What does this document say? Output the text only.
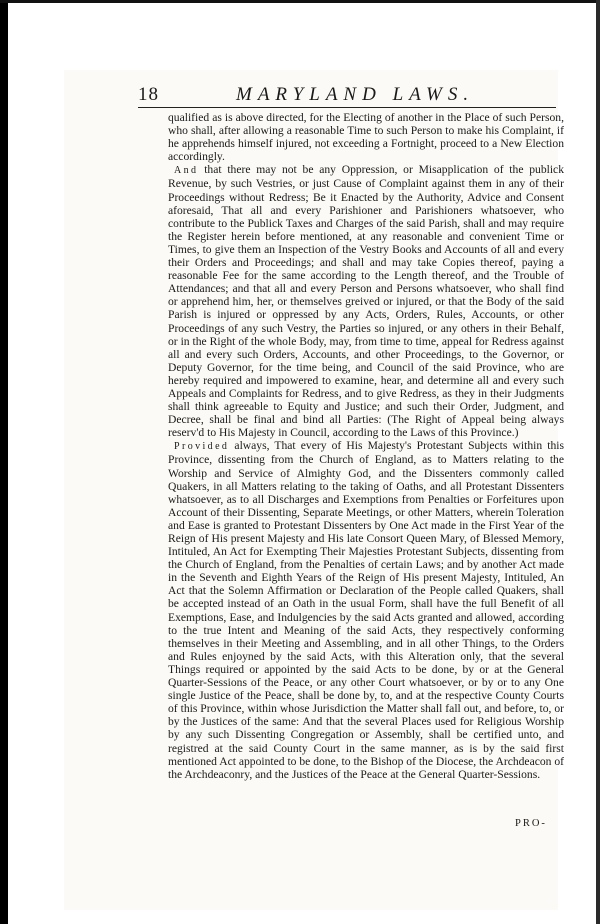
18	MARYLAND LAWS.

qualified as is above directed, for the Electing of another in the Place of such Person, who shall, after allowing a reasonable Time to such Person to make his Complaint, if he apprehends himself injured, not exceeding a Fortnight, proceed to a New Election accordingly.

And that there may not be any Oppression, or Misapplication of the publick Revenue, by such Vestries, or just Cause of Complaint against them in any of their Proceedings without Redress; Be it Enacted by the Authority, Advice and Consent aforesaid, That all and every Parishioner and Parishioners whatsoever, who contribute to the Publick Taxes and Charges of the said Parish, shall and may require the Register herein before mentioned, at any reasonable and convenient Time or Times, to give them an Inspection of the Vestry Books and Accounts of all and every their Orders and Proceedings; and shall and may take Copies thereof, paying a reasonable Fee for the same according to the Length thereof, and the Trouble of Attendances; and that all and every Person and Persons whatsoever, who shall find or apprehend him, her, or themselves greived or injured, or that the Body of the said Parish is injured or oppressed by any Acts, Orders, Rules, Accounts, or other Proceedings of any such Vestry, the Parties so injured, or any others in their Behalf, or in the Right of the whole Body, may, from time to time, appeal for Redress against all and every such Orders, Accounts, and other Proceedings, to the Governor, or Deputy Governor, for the time being, and Council of the said Province, who are hereby required and impowered to examine, hear, and determine all and every such Appeals and Complaints for Redress, and to give Redress, as they in their Judgments shall think agreeable to Equity and Justice; and such their Order, Judgment, and Decree, shall be final and bind all Parties: (The Right of Appeal being always reserv'd to His Majesty in Council, according to the Laws of this Province.)

Provided always, That every of His Majesty's Protestant Subjects within this Province, dissenting from the Church of England, as to Matters relating to the Worship and Service of Almighty God, and the Dissenters commonly called Quakers, in all Matters relating to the taking of Oaths, and all Protestant Dissenters whatsoever, as to all Discharges and Exemptions from Penalties or Forfeitures upon Account of their Dissenting, Separate Meetings, or other Matters, wherein Toleration and Ease is granted to Protestant Dissenters by One Act made in the First Year of the Reign of His present Majesty and His late Consort Queen Mary, of Blessed Memory, Intituled, An Act for Exempting Their Majesties Protestant Subjects, dissenting from the Church of England, from the Penalties of certain Laws; and by another Act made in the Seventh and Eighth Years of the Reign of His present Majesty, Intituled, An Act that the Solemn Affirmation or Declaration of the People called Quakers, shall be accepted instead of an Oath in the usual Form, shall have the full Benefit of all Exemptions, Ease, and Indulgencies by the said Acts granted and allowed, according to the true Intent and Meaning of the said Acts, they respectively conforming themselves in their Meeting and Assembling, and in all other Things, to the Orders and Rules enjoyned by the said Acts, with this Alteration only, that the several Things required or appointed by the said Acts to be done, by or at the General Quarter-Sessions of the Peace, or any other Court whatsoever, or by or to any One single Justice of the Peace, shall be done by, to, and at the respective County Courts of this Province, within whose Jurisdiction the Matter shall fall out, and before, to, or by the Justices of the same: And that the several Places used for Religious Worship by any such Dissenting Congregation or Assembly, shall be certified unto, and registred at the said County Court in the same manner, as is by the said first mentioned Act appointed to be done, to the Bishop of the Diocese, the Archdeacon of the Archdeaconry, and the Justices of the Peace at the General Quarter-Sessions.

PRO-
